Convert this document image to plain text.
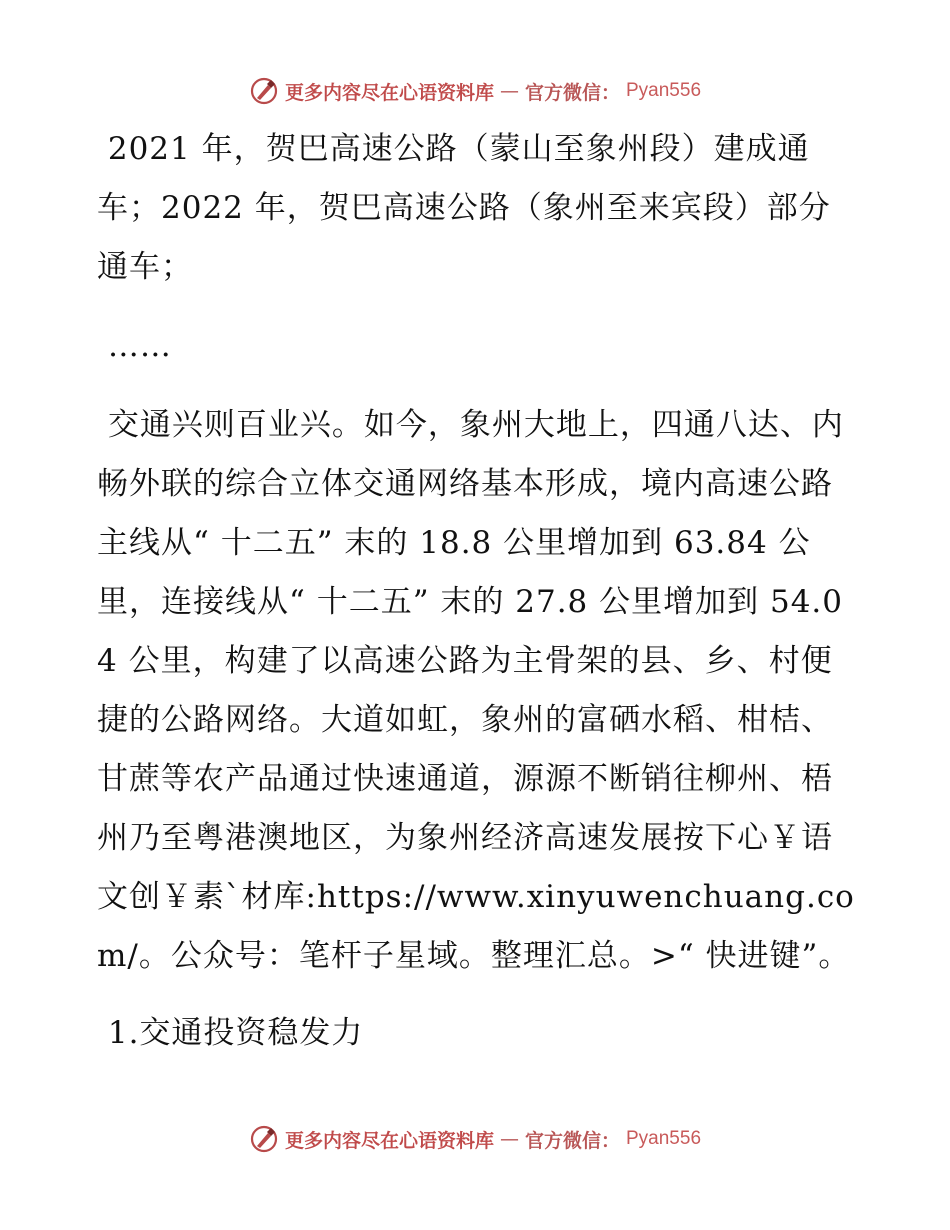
更多内容尽在心语资料库 — 官方微信： Pyan556

2021 年，贺巴高速公路（蒙山至象州段）建成通车；2022 年，贺巴高速公路（象州至来宾段）部分通车；

……

交通兴则百业兴。如今，象州大地上，四通八达、内畅外联的综合立体交通网络基本形成，境内高速公路主线从“ 十二五” 末的 18.8 公里增加到 63.84 公里，连接线从“ 十二五” 末的 27.8 公里增加到 54.04 公里，构建了以高速公路为主骨架的县、乡、村便捷的公路网络。大道如虹，象州的富硒水稻、柑桔、甘蔗等农产品通过快速通道，源源不断销往柳州、梧州乃至粤港澳地区，为象州经济高速发展按下心￥语文创￥素`材库:https://www.xinyuwenchuang.com/。公众号：笔杆子星域。整理汇总。>“ 快进键”。

1.交通投资稳发力

更多内容尽在心语资料库 — 官方微信： Pyan556
